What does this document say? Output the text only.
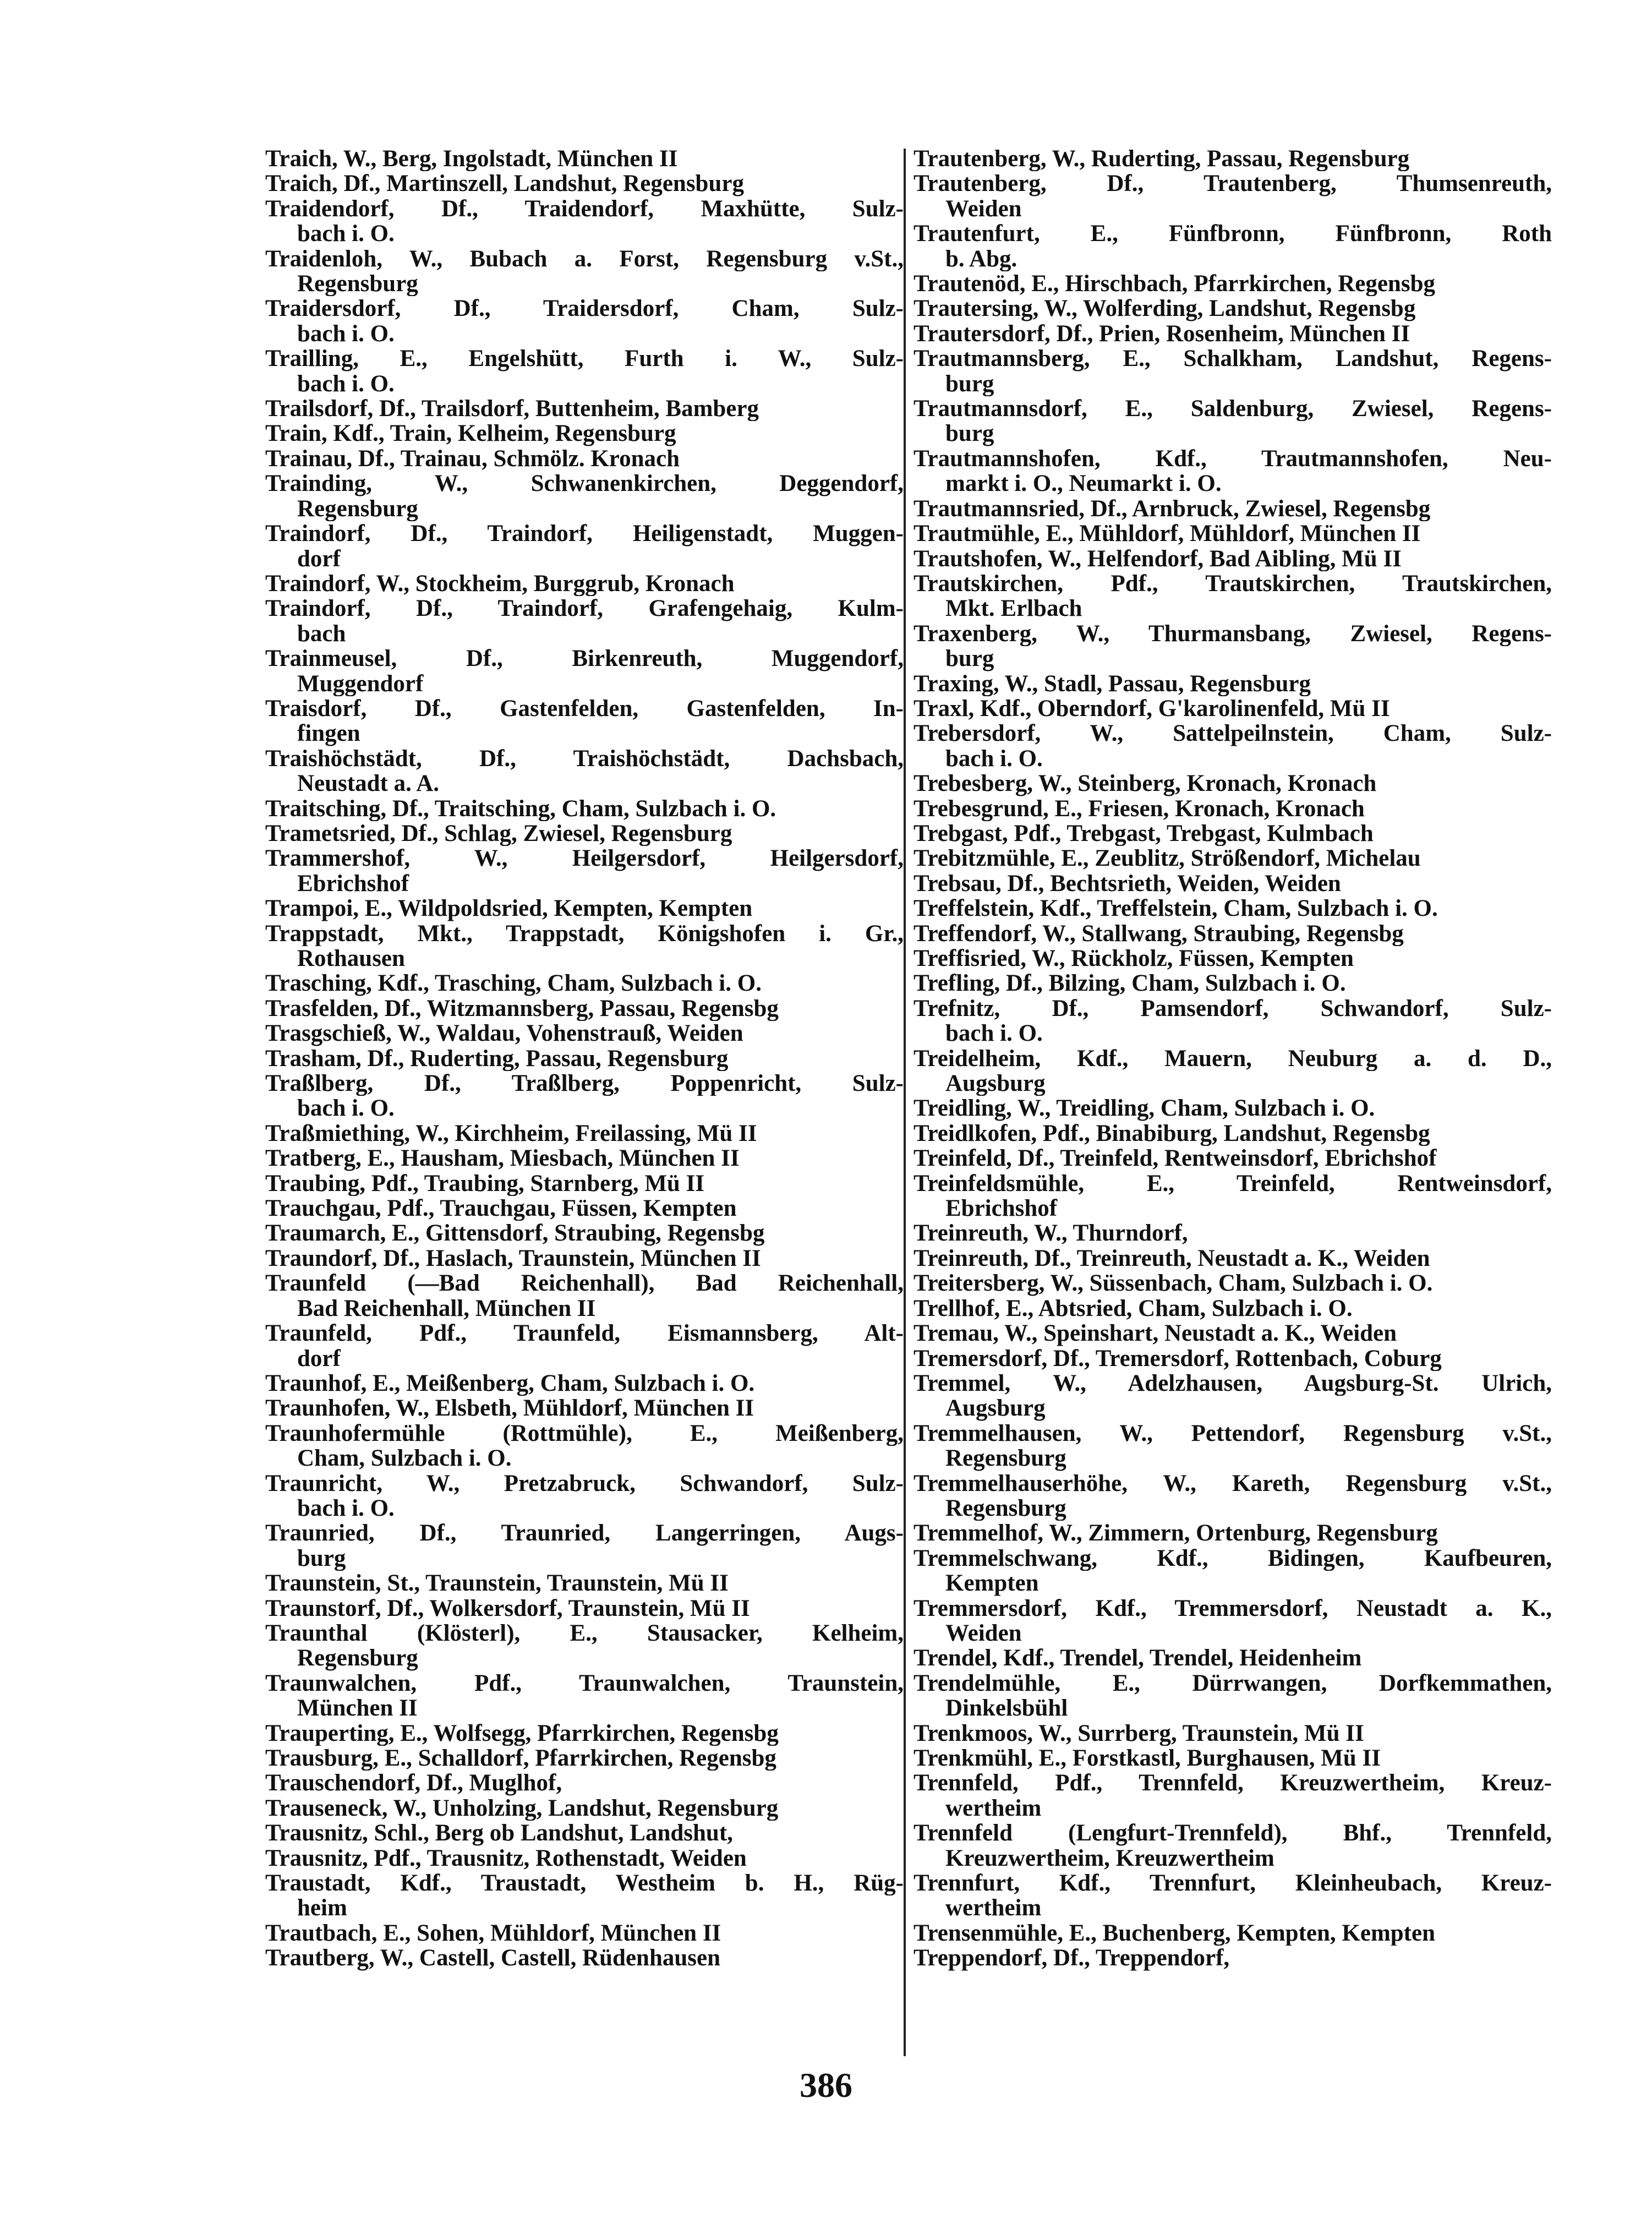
Traich, W., Berg, Ingolstadt, München II
Traich, Df., Martinszell, Landshut, Regensburg
Traidendorf, Df., Traidendorf, Maxhütte, Sulz-
bach i. O.
Traidenloh, W., Bubach a. Forst, Regensburg v.St.,
Regensburg
Traidersdorf, Df., Traidersdorf, Cham, Sulz-
bach i. O.
Trailling, E., Engelshütt, Furth i. W., Sulz-
bach i. O.
Trailsdorf, Df., Trailsdorf, Buttenheim, Bamberg
Train, Kdf., Train, Kelheim, Regensburg
Trainau, Df., Trainau, Schmölz. Kronach
Trainding, W., Schwanenkirchen, Deggendorf,
Regensburg
Traindorf, Df., Traindorf, Heiligenstadt, Muggen-
dorf
Traindorf, W., Stockheim, Burggrub, Kronach
Traindorf, Df., Traindorf, Grafengehaig, Kulm-
bach
Trainmeusel, Df., Birkenreuth, Muggendorf,
Muggendorf
Traisdorf, Df., Gastenfelden, Gastenfelden, In-
fingen
Traishöchstädt, Df., Traishöchstädt, Dachsbach,
Neustadt a. A.
Traitsching, Df., Traitsching, Cham, Sulzbach i. O.
Trametsried, Df., Schlag, Zwiesel, Regensburg
Trammershof, W., Heilgersdorf, Heilgersdorf,
Ebrichshof
Trampoi, E., Wildpoldsried, Kempten, Kempten
Trappstadt, Mkt., Trappstadt, Königshofen i. Gr.,
Rothausen
Trasching, Kdf., Trasching, Cham, Sulzbach i. O.
Trasfelden, Df., Witzmannsberg, Passau, Regensbg
Trasgschieß, W., Waldau, Vohenstrauß, Weiden
Trasham, Df., Ruderting, Passau, Regensburg
Traßlberg, Df., Traßlberg, Poppenricht, Sulz-
bach i. O.
Traßmiething, W., Kirchheim, Freilassing, Mü II
Tratberg, E., Hausham, Miesbach, München II
Traubing, Pdf., Traubing, Starnberg, Mü II
Trauchgau, Pdf., Trauchgau, Füssen, Kempten
Traumarch, E., Gittensdorf, Straubing, Regensbg
Traundorf, Df., Haslach, Traunstein, München II
Traunfeld (—Bad Reichenhall), Bad Reichenhall,
Bad Reichenhall, München II
Traunfeld, Pdf., Traunfeld, Eismannsberg, Alt-
dorf
Traunhof, E., Meißenberg, Cham, Sulzbach i. O.
Traunhofen, W., Elsbeth, Mühldorf, München II
Traunhofermühle (Rottmühle), E., Meißenberg,
Cham, Sulzbach i. O.
Traunricht, W., Pretzabruck, Schwandorf, Sulz-
bach i. O.
Traunried, Df., Traunried, Langerringen, Augs-
burg
Traunstein, St., Traunstein, Traunstein, Mü II
Traunstorf, Df., Wolkersdorf, Traunstein, Mü II
Traunthal (Klösterl), E., Stausacker, Kelheim,
Regensburg
Traunwalchen, Pdf., Traunwalchen, Traunstein,
München II
Trauperting, E., Wolfsegg, Pfarrkirchen, Regensbg
Trausburg, E., Schalldorf, Pfarrkirchen, Regensbg
Trauschendorf, Df., Muglhof,
Trauseneck, W., Unholzing, Landshut, Regensburg
Trausnitz, Schl., Berg ob Landshut, Landshut,
Trausnitz, Pdf., Trausnitz, Rothenstadt, Weiden
Traustadt, Kdf., Traustadt, Westheim b. H., Rüg-
heim
Trautbach, E., Sohen, Mühldorf, München II
Trautberg, W., Castell, Castell, Rüdenhausen
Trautenberg, W., Ruderting, Passau, Regensburg
Trautenberg, Df., Trautenberg, Thumsenreuth,
Weiden
Trautenfurt, E., Fünfbronn, Fünfbronn, Roth
b. Abg.
Trautenöd, E., Hirschbach, Pfarrkirchen, Regensbg
Trautersing, W., Wolferding, Landshut, Regensbg
Trautersdorf, Df., Prien, Rosenheim, München II
Trautmannsberg, E., Schalkham, Landshut, Regens-
burg
Trautmannsdorf, E., Saldenburg, Zwiesel, Regens-
burg
Trautmannshofen, Kdf., Trautmannshofen, Neu-
markt i. O., Neumarkt i. O.
Trautmannsried, Df., Arnbruck, Zwiesel, Regensbg
Trautmühle, E., Mühldorf, Mühldorf, München II
Trautshofen, W., Helfendorf, Bad Aibling, Mü II
Trautskirchen, Pdf., Trautskirchen, Trautskirchen,
Mkt. Erlbach
Traxenberg, W., Thurmansbang, Zwiesel, Regens-
burg
Traxing, W., Stadl, Passau, Regensburg
Traxl, Kdf., Oberndorf, G'karolinenfeld, Mü II
Trebersdorf, W., Sattelpeilnstein, Cham, Sulz-
bach i. O.
Trebesberg, W., Steinberg, Kronach, Kronach
Trebesgrund, E., Friesen, Kronach, Kronach
Trebgast, Pdf., Trebgast, Trebgast, Kulmbach
Trebitzmühle, E., Zeublitz, Strößendorf, Michelau
Trebsau, Df., Bechtsrieth, Weiden, Weiden
Treffelstein, Kdf., Treffelstein, Cham, Sulzbach i. O.
Treffendorf, W., Stallwang, Straubing, Regensbg
Treffisried, W., Rückholz, Füssen, Kempten
Trefling, Df., Bilzing, Cham, Sulzbach i. O.
Trefnitz, Df., Pamsendorf, Schwandorf, Sulz-
bach i. O.
Treidelheim, Kdf., Mauern, Neuburg a. d. D.,
Augsburg
Treidling, W., Treidling, Cham, Sulzbach i. O.
Treidlkofen, Pdf., Binabiburg, Landshut, Regensbg
Treinfeld, Df., Treinfeld, Rentweinsdorf, Ebrichshof
Treinfeldsmühle, E., Treinfeld, Rentweinsdorf,
Ebrichshof
Treinreuth, W., Thurndorf,
Treinreuth, Df., Treinreuth, Neustadt a. K., Weiden
Treitersberg, W., Süssenbach, Cham, Sulzbach i. O.
Trellhof, E., Abtsried, Cham, Sulzbach i. O.
Tremau, W., Speinshart, Neustadt a. K., Weiden
Tremersdorf, Df., Tremersdorf, Rottenbach, Coburg
Tremmel, W., Adelzhausen, Augsburg-St. Ulrich,
Augsburg
Tremmelhausen, W., Pettendorf, Regensburg v.St.,
Regensburg
Tremmelhauserhöhe, W., Kareth, Regensburg v.St.,
Regensburg
Tremmelhof, W., Zimmern, Ortenburg, Regensburg
Tremmelschwang, Kdf., Bidingen, Kaufbeuren,
Kempten
Tremmersdorf, Kdf., Tremmersdorf, Neustadt a. K.,
Weiden
Trendel, Kdf., Trendel, Trendel, Heidenheim
Trendelmühle, E., Dürrwangen, Dorfkemmathen,
Dinkelsbühl
Trenkmoos, W., Surrberg, Traunstein, Mü II
Trenkmühl, E., Forstkastl, Burghausen, Mü II
Trennfeld, Pdf., Trennfeld, Kreuzwertheim, Kreuz-
wertheim
Trennfeld (Lengfurt-Trennfeld), Bhf., Trennfeld,
Kreuzwertheim, Kreuzwertheim
Trennfurt, Kdf., Trennfurt, Kleinheubach, Kreuz-
wertheim
Trensenmühle, E., Buchenberg, Kempten, Kempten
Treppendorf, Df., Treppendorf,
386
